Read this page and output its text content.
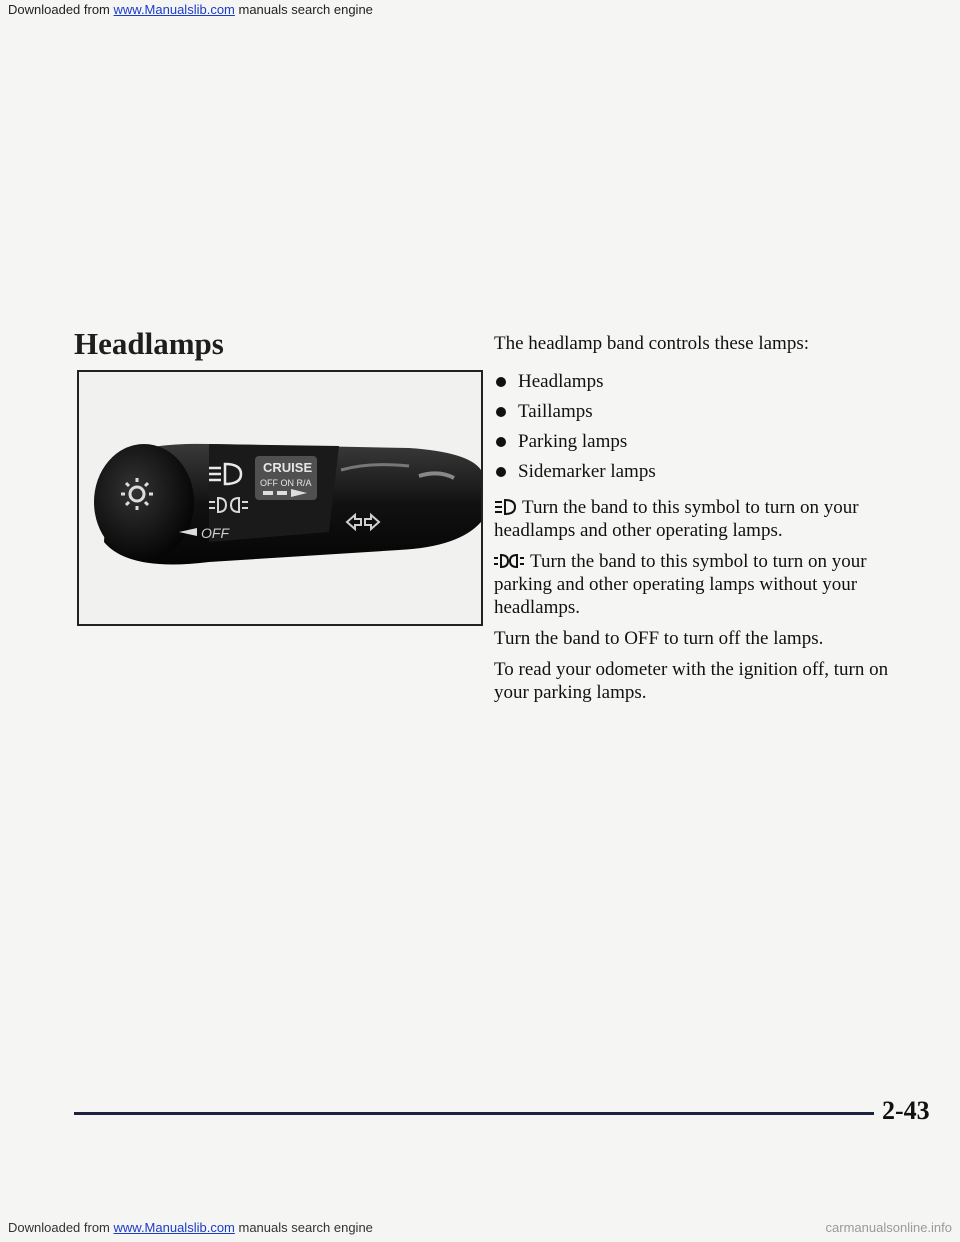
Downloaded from www.Manualslib.com manuals search engine
Headlamps
OFF
CRUISE
OFF ON R/A

The headlamp band controls these lamps:

Headlamps
Taillamps
Parking lamps
Sidemarker lamps

Turn the band to this symbol to turn on your headlamps and other operating lamps.

Turn the band to this symbol to turn on your parking and other operating lamps without your headlamps.

Turn the band to OFF to turn off the lamps.

To read your odometer with the ignition off, turn on your parking lamps.

2-43
Downloaded from www.Manualslib.com manuals search engine	carmanualsonline.info
